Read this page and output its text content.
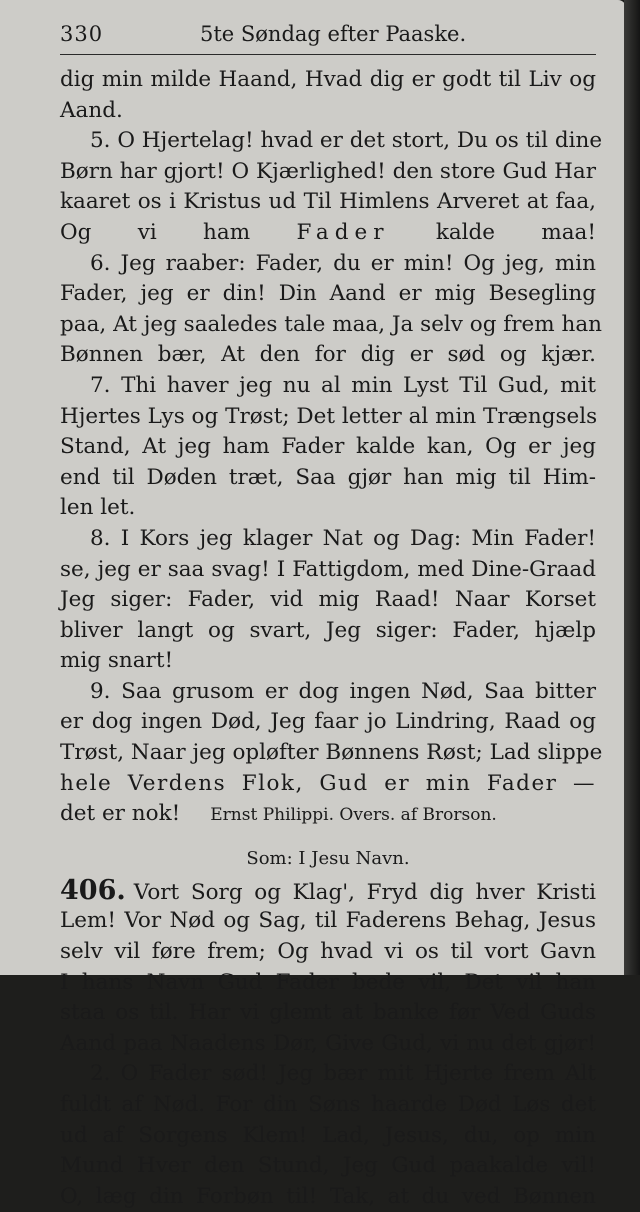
330	5te Søndag efter Paaske.
dig min milde Haand, Hvad dig er godt til Liv og
Aand.
5. O Hjertelag! hvad er det stort, Du os til dine
Børn har gjort! O Kjærlighed! den store Gud Har
kaaret os i Kristus ud Til Himlens Arveret at faa,
Og vi ham Fader kalde maa!
6. Jeg raaber: Fader, du er min! Og jeg, min
Fader, jeg er din! Din Aand er mig Besegling
paa, At jeg saaledes tale maa, Ja selv og frem han
Bønnen bær, At den for dig er sød og kjær.
7. Thi haver jeg nu al min Lyst Til Gud, mit
Hjertes Lys og Trøst; Det letter al min Trængsels
Stand, At jeg ham Fader kalde kan, Og er jeg
end til Døden træt, Saa gjør han mig til Him-
len let.
8. I Kors jeg klager Nat og Dag: Min Fader!
se, jeg er saa svag! I Fattigdom, med Dine-Graad
Jeg siger: Fader, vid mig Raad! Naar Korset
bliver langt og svart, Jeg siger: Fader, hjælp
mig snart!
9. Saa grusom er dog ingen Nød, Saa bitter
er dog ingen Død, Jeg faar jo Lindring, Raad og
Trøst, Naar jeg opløfter Bønnens Røst; Lad slippe
hele Verdens Flok, Gud er min Fader —
det er nok! Ernst Philippi. Overs. af Brorson.
Som: I Jesu Navn.
406. Vort Sorg og Klag', Fryd dig hver Kristi
Lem! Vor Nød og Sag, til Faderens Behag, Jesus
selv vil føre frem; Og hvad vi os til vort Gavn
I hans Navn Gud Fader bede vil, Det vil han
staa os til. Har vi glemt at banke før Ved Guds
Aand paa Naadens Dør, Give Gud, vi nu det gjør!
2. O Fader sød! Jeg bær mit Hjerte frem Alt
fuldt af Nød. For din Søns haarde Død Løs det
ud af Sorgens Klem! Lad, Jesus, du, op min
Mund Hver den Stund, Jeg Gud paakalde vil!
O, læg din Forbøn til! Tak, at du ved Bønnen
